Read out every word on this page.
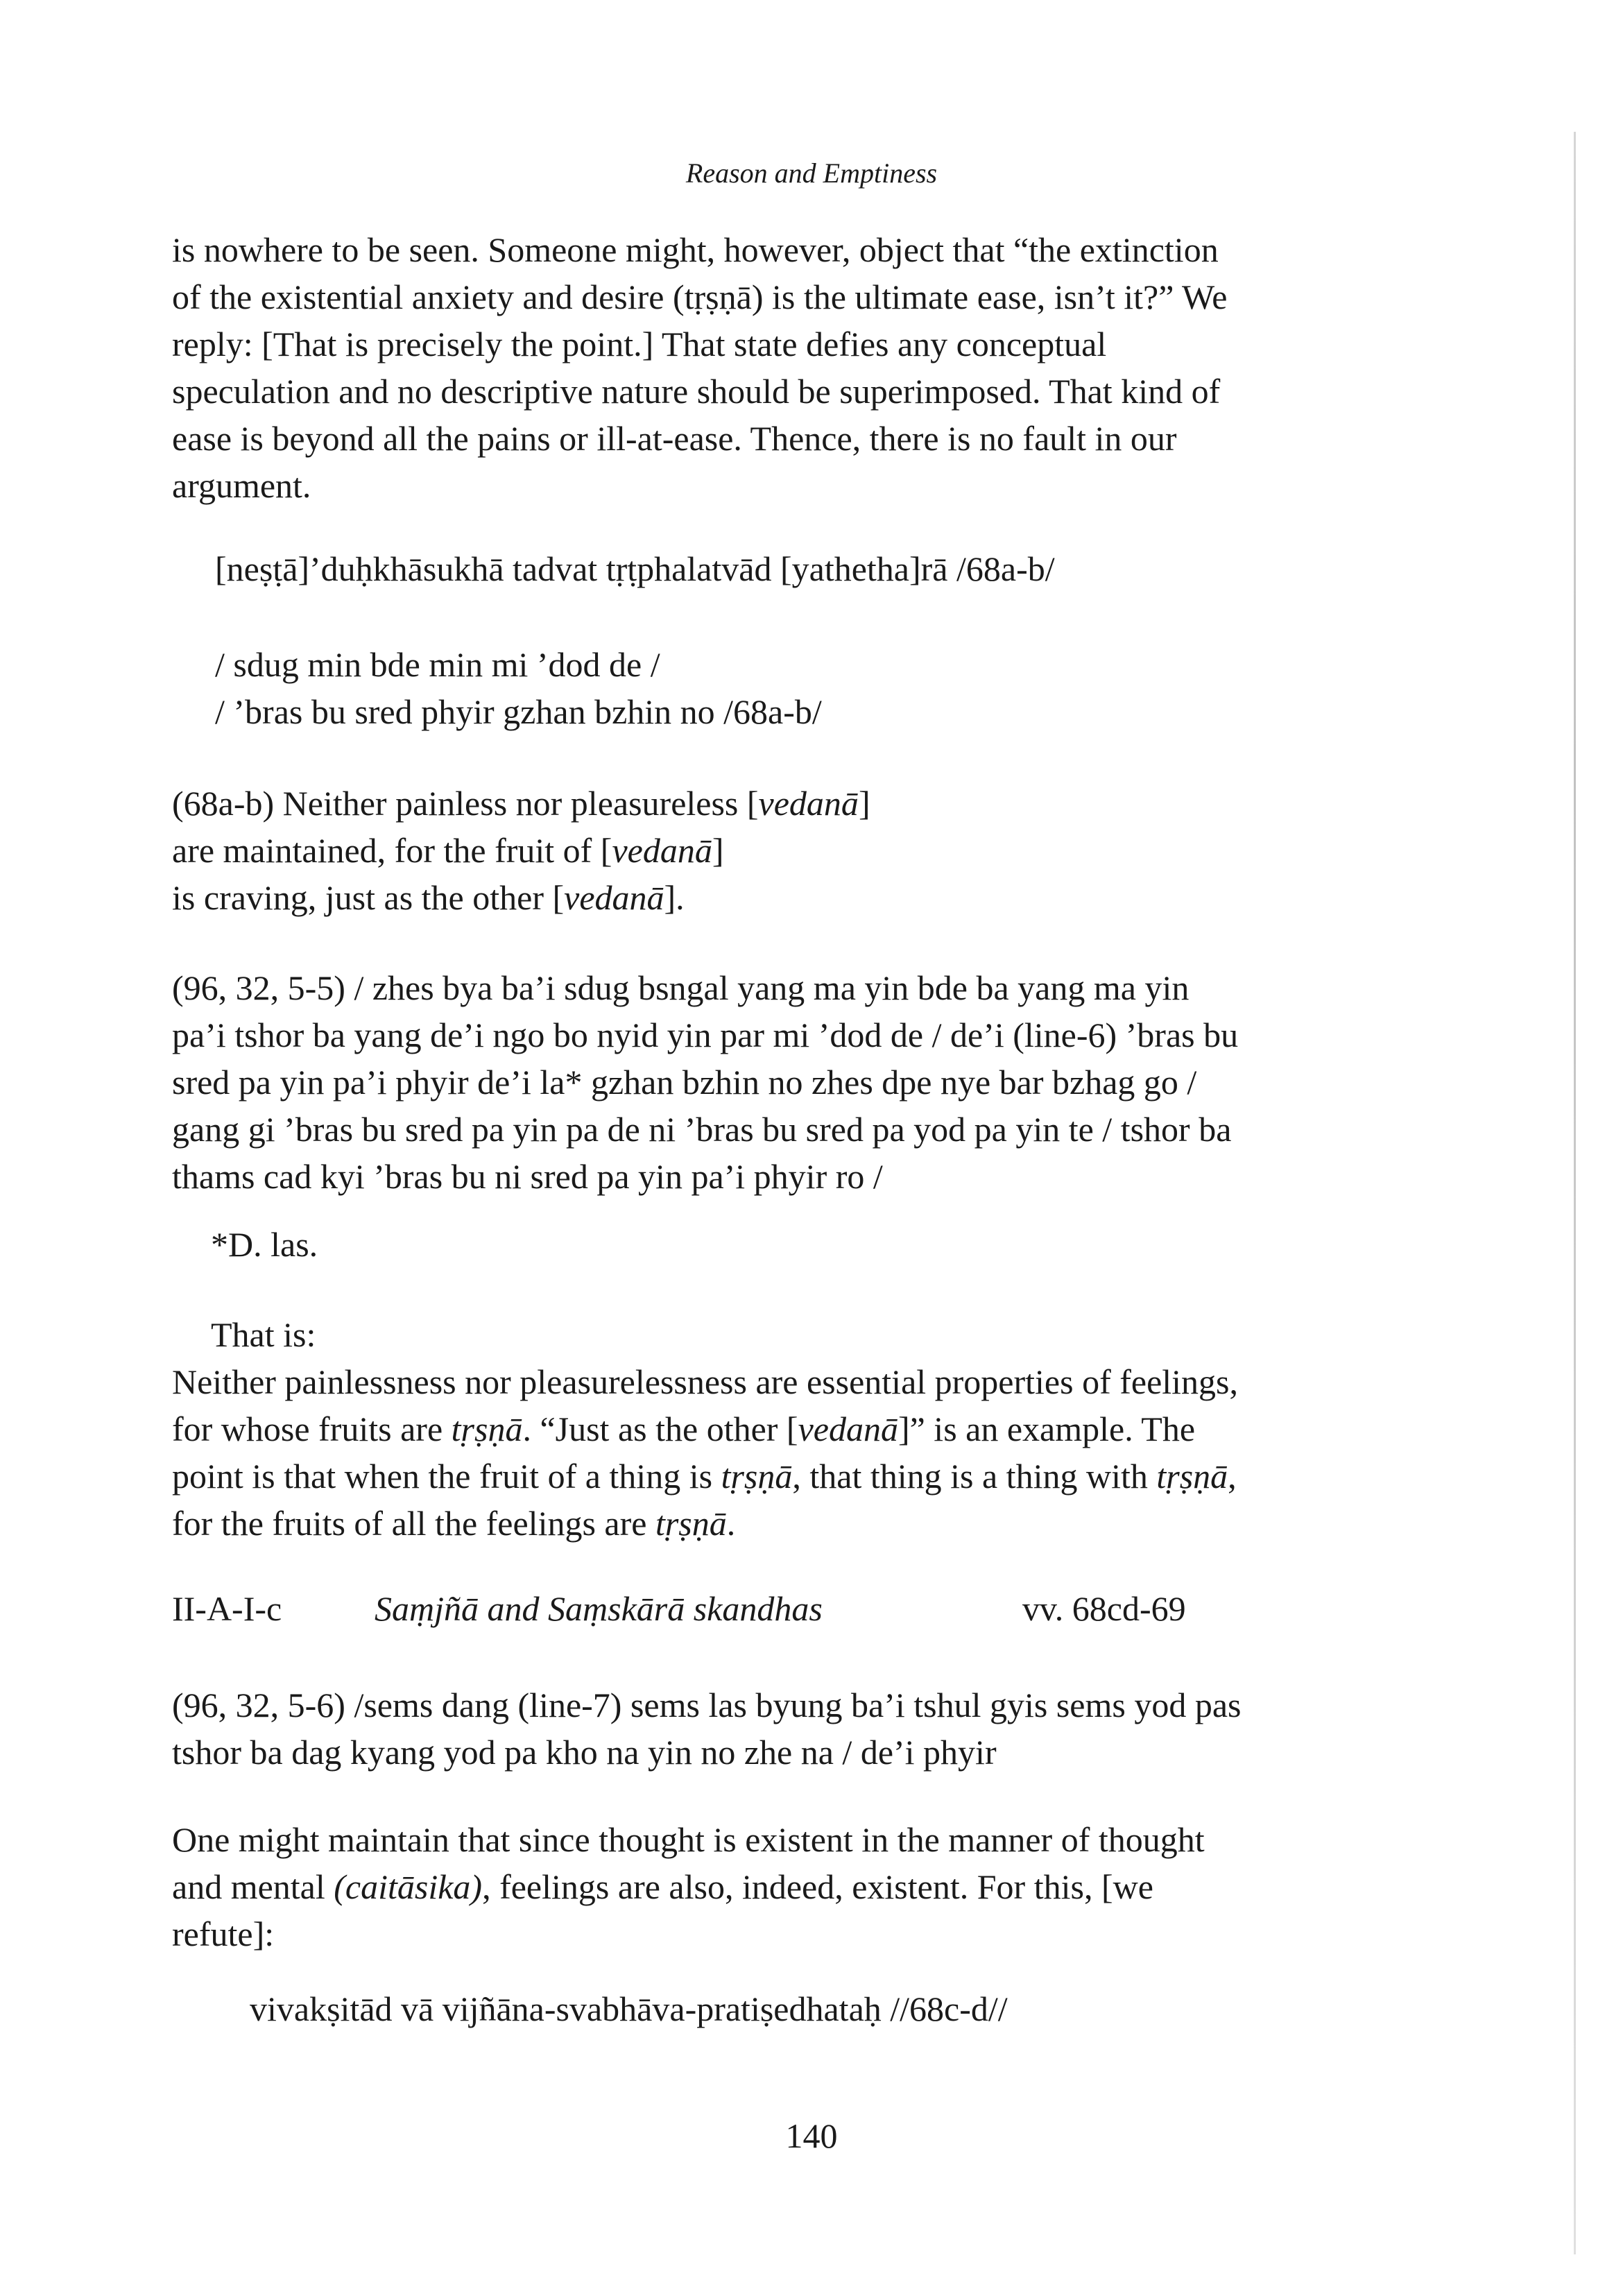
Reason and Emptiness
is nowhere to be seen. Someone might, however, object that “the extinction
of the existential anxiety and desire (tṛṣṇā) is the ultimate ease, isn’t it?” We
reply: [That is precisely the point.] That state defies any conceptual
speculation and no descriptive nature should be superimposed. That kind of
ease is beyond all the pains or ill-at-ease. Thence, there is no fault in our
argument.
[neṣṭā]’duḥkhāsukhā tadvat tṛṭphalatvād [yathetha]rā /68a-b/
/ sdug min bde min mi ’dod de /
/ ’bras bu sred phyir gzhan bzhin no /68a-b/
(68a-b) Neither painless nor pleasureless [vedanā]
are maintained, for the fruit of [vedanā]
is craving, just as the other [vedanā].
(96, 32, 5-5) / zhes bya ba’i sdug bsngal yang ma yin bde ba yang ma yin
pa’i tshor ba yang de’i ngo bo nyid yin par mi ’dod de / de’i (line-6) ’bras bu
sred pa yin pa’i phyir de’i la* gzhan bzhin no zhes dpe nye bar bzhag go /
gang gi ’bras bu sred pa yin pa de ni ’bras bu sred pa yod pa yin te / tshor ba
thams cad kyi ’bras bu ni sred pa yin pa’i phyir ro /
*D. las.
That is:
Neither painlessness nor pleasurelessness are essential properties of feelings,
for whose fruits are tṛṣṇā. “Just as the other [vedanā]” is an example. The
point is that when the fruit of a thing is tṛṣṇā, that thing is a thing with tṛṣṇā,
for the fruits of all the feelings are tṛṣṇā.
II-A-I-c	Saṃjñā and Saṃskārā skandhas	vv. 68cd-69
(96, 32, 5-6) /sems dang (line-7) sems las byung ba’i tshul gyis sems yod pas
tshor ba dag kyang yod pa kho na yin no zhe na / de’i phyir
One might maintain that since thought is existent in the manner of thought
and mental (caitāsika), feelings are also, indeed, existent. For this, [we
refute]:
vivakṣitād vā vijñāna-svabhāva-pratiṣedhataḥ //68c-d//
140
